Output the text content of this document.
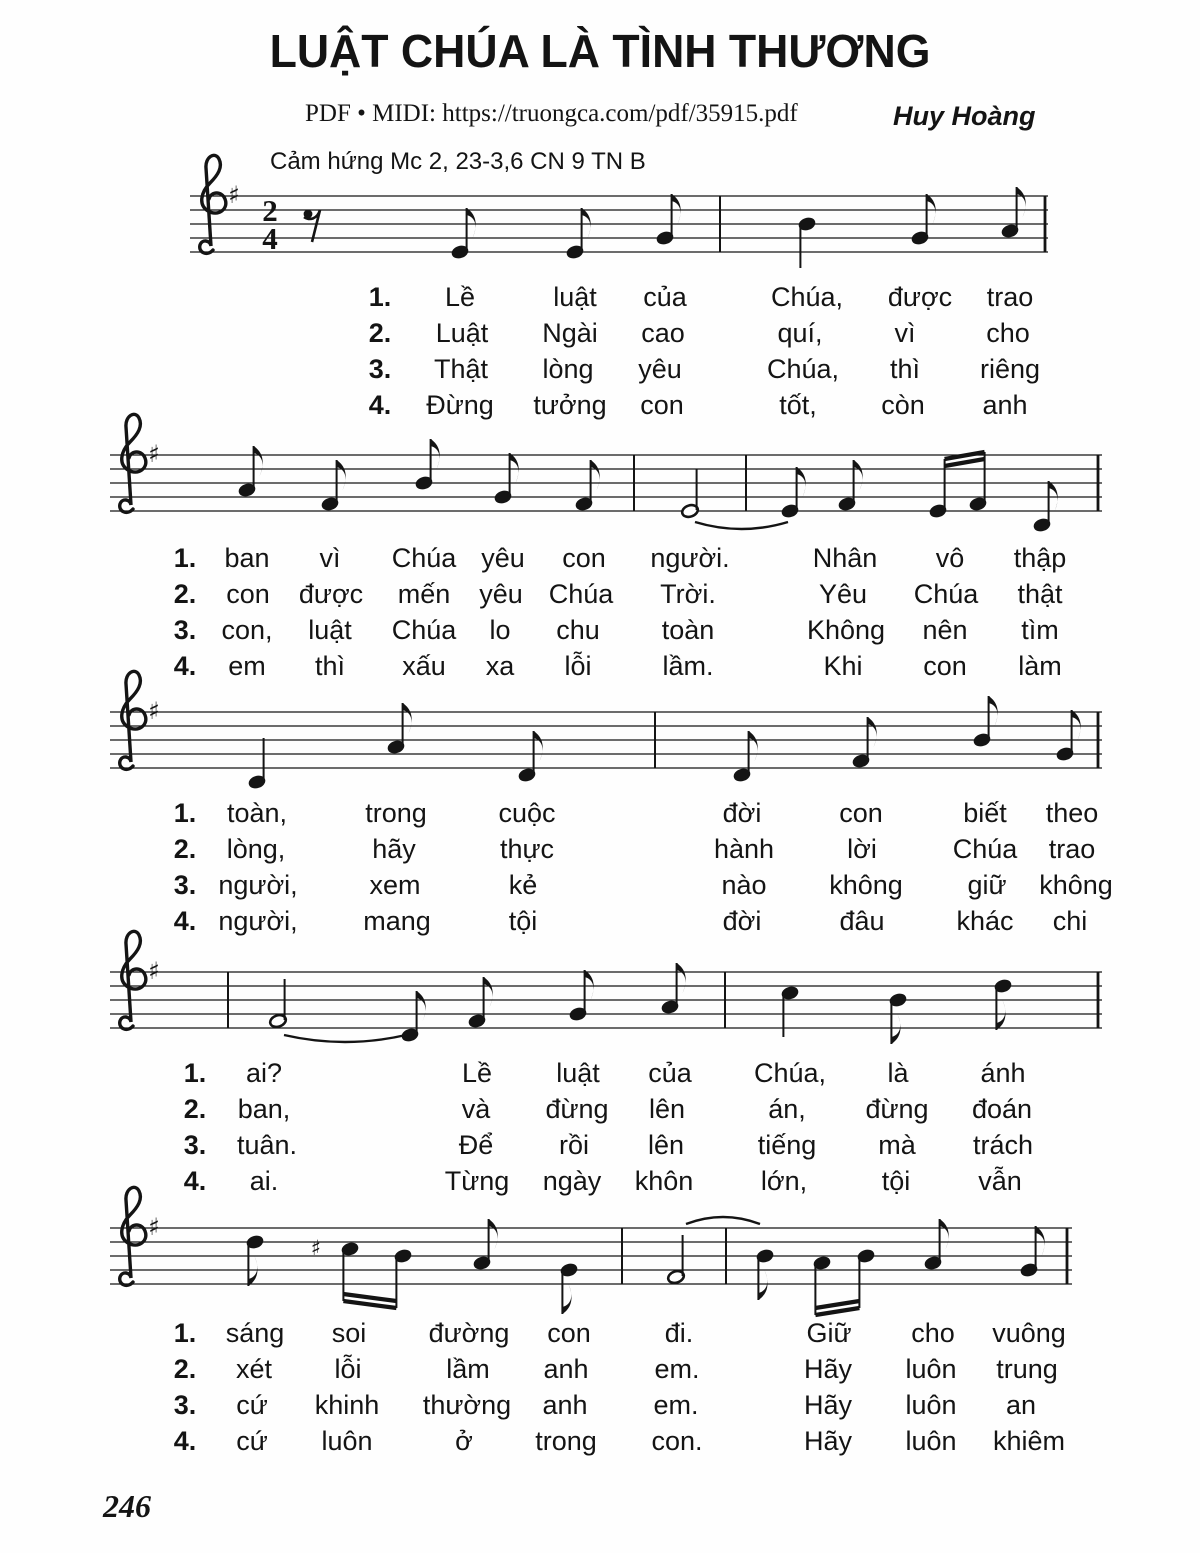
LUẬT CHÚA LÀ TÌNH THƯƠNG
PDF • MIDI: https://truongca.com/pdf/35915.pdf	Huy Hoàng
Cảm hứng Mc 2, 23-3,6 CN 9 TN B
♯ 2
4
♯
♯
♯
♯
♯
1. Lề	luật của	Chúa, được trao
2. Luật Ngài cao	quí,	vì	cho
3. Thật lòng yêu	Chúa, thì riêng
4. Đừng tưởng con	tốt, còn anh
1. ban vì Chúa yêu con người.	Nhân vô thập
2. con được mến yêu Chúa Trời.	Yêu Chúa thật
3. con, luật Chúa lo chu toàn	Không nên tìm
4. em thì xấu xa lỗi	lầm.	Khi con làm
1. toàn,	trong	cuộc	đời	con	biết theo
2. lòng,	hãy	thực	hành	lời	Chúa trao
3. người,	xem	kẻ	nào không giữ không
4. người, mang	tội	đời	đâu	khác chi
1. ai?	Lề luật của Chúa, là	ánh
2. ban,	và đừng lên	án, đừng đoán
3. tuân.	Để rồi lên	tiếng mà trách
4. ai.	Từng ngày khôn	lớn,	tội	vẫn
1. sáng soi đường con	đi.	Giữ cho vuông
2. xét lỗi	lầm anh em.	Hãy luôn trung
3. cứ khinh thường anh em.	Hãy luôn an
4. cứ luôn	ở trong con.	Hãy luôn khiêm
246
